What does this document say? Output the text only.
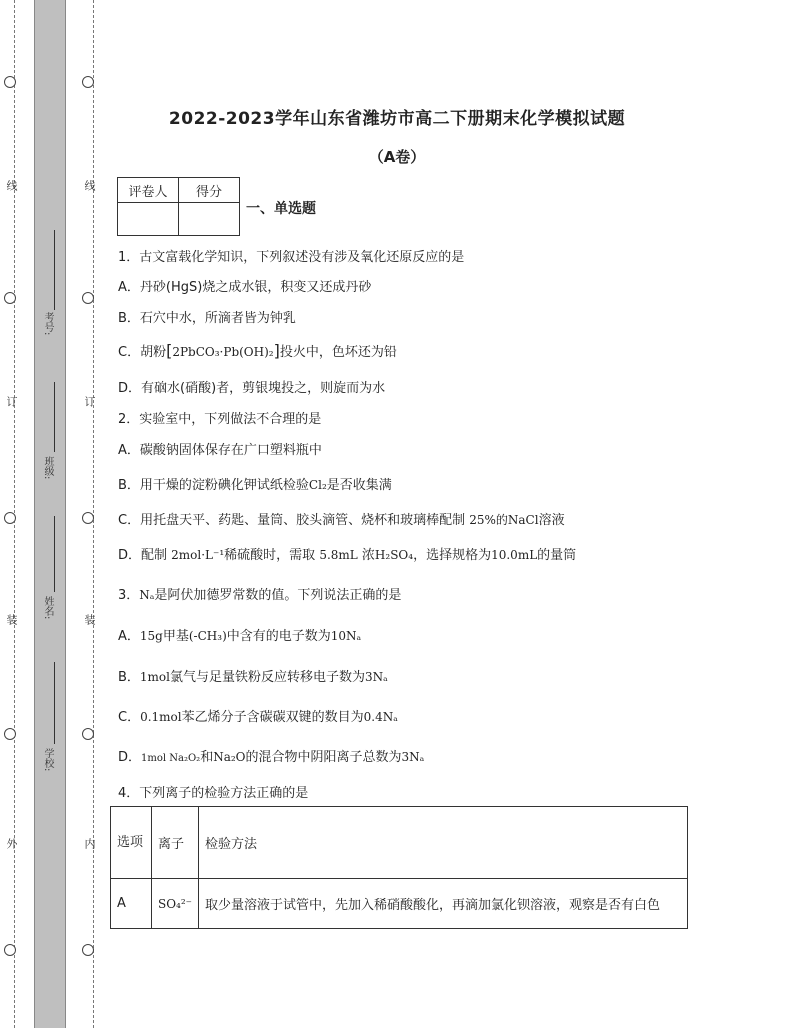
线
订
装
外
线
订
装
内
考号:
班级:
姓名:
学校:
2022-2023学年山东省潍坊市高二下册期末化学模拟试题
（A卷）
评卷人	得分

一、单选题
1．古文富载化学知识，下列叙述没有涉及氧化还原反应的是
A．丹砂(HgS)烧之成水银，积变又还成丹砂
B．石穴中水，所滴者皆为钟乳
C．胡粉[2PbCO₃·Pb(OH)₂]投火中，色坏还为铅
D．有硇水(硝酸)者，剪银塊投之，则旋而为水
2．实验室中，下列做法不合理的是
A．碳酸钠固体保存在广口塑料瓶中
B．用干燥的淀粉碘化钾试纸检验Cl₂是否收集满
C．用托盘天平、药匙、量筒、胶头滴管、烧杯和玻璃棒配制 25%的NaCl溶液
D．配制 2mol·L⁻¹稀硫酸时，需取 5.8mL 浓H₂SO₄，选择规格为10.0mL的量筒
3．Nₐ是阿伏加德罗常数的值。下列说法正确的是
A．15g甲基(-CH₃)中含有的电子数为10Nₐ
B．1mol氯气与足量铁粉反应转移电子数为3Nₐ
C．0.1mol苯乙烯分子含碳碳双键的数目为0.4Nₐ
D．1mol Na₂O₂和Na₂O的混合物中阴阳离子总数为3Nₐ
4．下列离子的检验方法正确的是
选项	离子	检验方法
A	SO₄²⁻	取少量溶液于试管中，先加入稀硝酸酸化，再滴加氯化钡溶液，观察是否有白色
